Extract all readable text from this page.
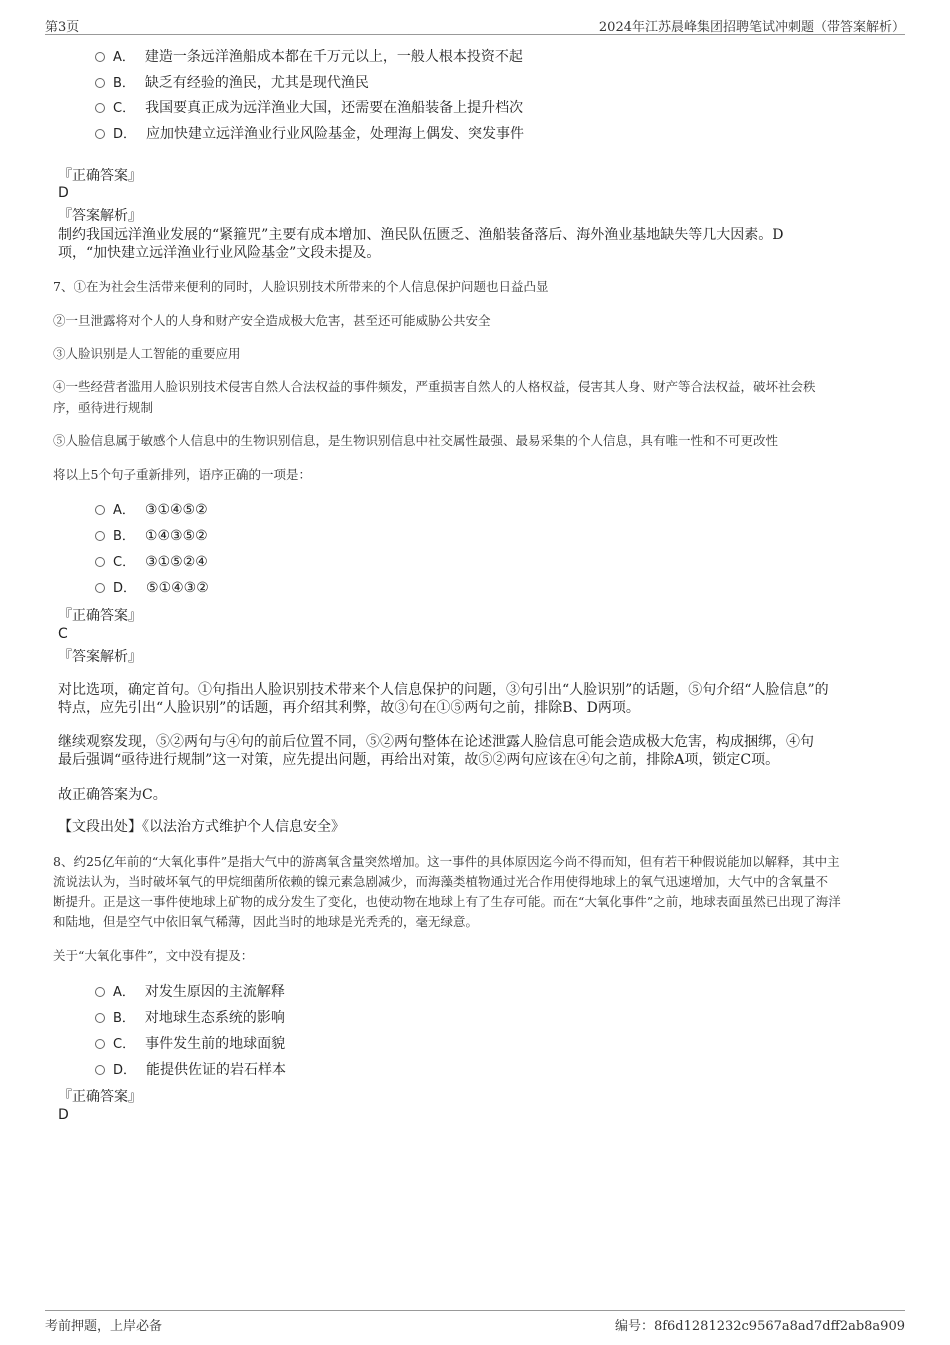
第3页	2024年江苏晨峰集团招聘笔试冲刺题（带答案解析）
A． 建造一条远洋渔船成本都在千万元以上，一般人根本投资不起
B． 缺乏有经验的渔民，尤其是现代渔民
C． 我国要真正成为远洋渔业大国，还需要在渔船装备上提升档次
D． 应加快建立远洋渔业行业风险基金，处理海上偶发、突发事件
『正确答案』
D
『答案解析』
制约我国远洋渔业发展的“紧箍咒”主要有成本增加、渔民队伍匮乏、渔船装备落后、海外渔业基地缺失等几大因素。D
项，“加快建立远洋渔业行业风险基金”文段未提及。
7、①在为社会生活带来便利的同时，人脸识别技术所带来的个人信息保护问题也日益凸显
②一旦泄露将对个人的人身和财产安全造成极大危害，甚至还可能威胁公共安全
③人脸识别是人工智能的重要应用
④一些经营者滥用人脸识别技术侵害自然人合法权益的事件频发，严重损害自然人的人格权益，侵害其人身、财产等合法权益，破坏社会秩
序，亟待进行规制
⑤人脸信息属于敏感个人信息中的生物识别信息，是生物识别信息中社交属性最强、最易采集的个人信息，具有唯一性和不可更改性
将以上5个句子重新排列，语序正确的一项是：
A． ③①④⑤②
B． ①④③⑤②
C． ③①⑤②④
D． ⑤①④③②
『正确答案』
C
『答案解析』
对比选项，确定首句。①句指出人脸识别技术带来个人信息保护的问题，③句引出“人脸识别”的话题，⑤句介绍“人脸信息”的
特点，应先引出“人脸识别”的话题，再介绍其利弊，故③句在①⑤两句之前，排除B、D两项。
继续观察发现，⑤②两句与④句的前后位置不同，⑤②两句整体在论述泄露人脸信息可能会造成极大危害，构成捆绑，④句
最后强调“亟待进行规制”这一对策，应先提出问题，再给出对策，故⑤②两句应该在④句之前，排除A项，锁定C项。
故正确答案为C。
【文段出处】《以法治方式维护个人信息安全》
8、约25亿年前的“大氧化事件”是指大气中的游离氧含量突然增加。这一事件的具体原因迄今尚不得而知，但有若干种假说能加以解释，其中主
流说法认为，当时破坏氧气的甲烷细菌所依赖的镍元素急剧减少，而海藻类植物通过光合作用使得地球上的氧气迅速增加，大气中的含氧量不
断提升。正是这一事件使地球上矿物的成分发生了变化，也使动物在地球上有了生存可能。而在“大氧化事件”之前，地球表面虽然已出现了海洋
和陆地，但是空气中依旧氧气稀薄，因此当时的地球是光秃秃的，毫无绿意。
关于“大氧化事件”，文中没有提及：
A． 对发生原因的主流解释
B． 对地球生态系统的影响
C． 事件发生前的地球面貌
D． 能提供佐证的岩石样本
『正确答案』
D
考前押题，上岸必备	编号：8f6d1281232c9567a8ad7dff2ab8a909
